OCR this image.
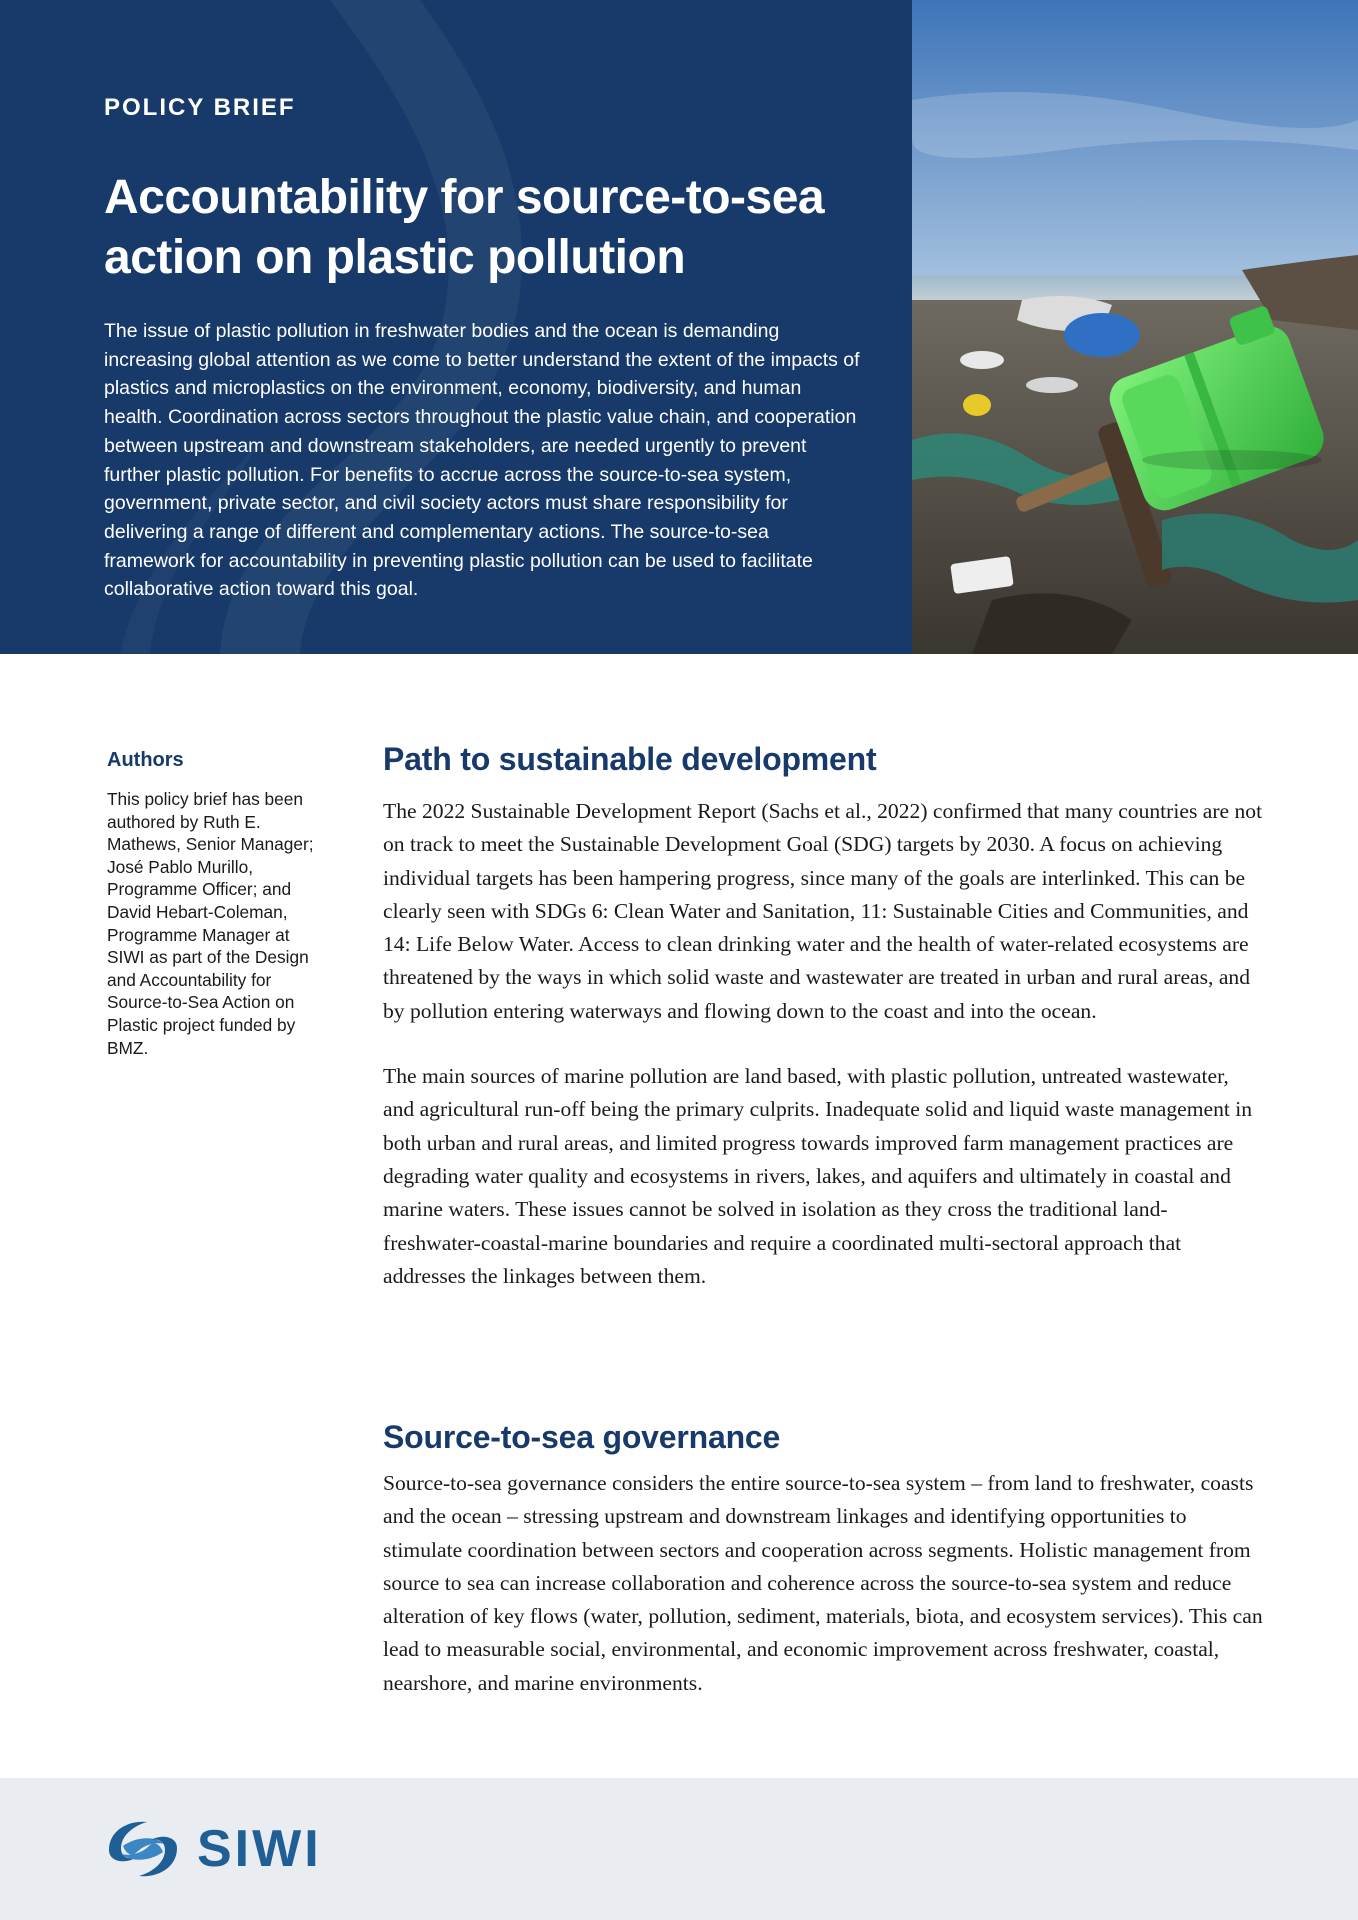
POLICY BRIEF
Accountability for source-to-sea action on plastic pollution

The issue of plastic pollution in freshwater bodies and the ocean is demanding increasing global attention as we come to better understand the extent of the impacts of plastics and microplastics on the environment, economy, biodiversity, and human health. Coordination across sectors throughout the plastic value chain, and cooperation between upstream and downstream stakeholders, are needed urgently to prevent further plastic pollution. For benefits to accrue across the source-to-sea system, government, private sector, and civil society actors must share responsibility for delivering a range of different and complementary actions. The source-to-sea framework for accountability in preventing plastic pollution can be used to facilitate collaborative action toward this goal.

Authors

This policy brief has been authored by Ruth E. Mathews, Senior Manager; José Pablo Murillo, Programme Officer; and David Hebart-Coleman, Programme Manager at SIWI as part of the Design and Accountability for Source-to-Sea Action on Plastic project funded by BMZ.

Path to sustainable development

The 2022 Sustainable Development Report (Sachs et al., 2022) confirmed that many countries are not on track to meet the Sustainable Development Goal (SDG) targets by 2030. A focus on achieving individual targets has been hampering progress, since many of the goals are interlinked. This can be clearly seen with SDGs 6: Clean Water and Sanitation, 11: Sustainable Cities and Communities, and 14: Life Below Water. Access to clean drinking water and the health of water-related ecosystems are threatened by the ways in which solid waste and wastewater are treated in urban and rural areas, and by pollution entering waterways and flowing down to the coast and into the ocean.

The main sources of marine pollution are land based, with plastic pollution, untreated wastewater, and agricultural run-off being the primary culprits. Inadequate solid and liquid waste management in both urban and rural areas, and limited progress towards improved farm management practices are degrading water quality and ecosystems in rivers, lakes, and aquifers and ultimately in coastal and marine waters. These issues cannot be solved in isolation as they cross the traditional land-freshwater-coastal-marine boundaries and require a coordinated multi-sectoral approach that addresses the linkages between them.

Source-to-sea governance

Source-to-sea governance considers the entire source-to-sea system – from land to freshwater, coasts and the ocean – stressing upstream and downstream linkages and identifying opportunities to stimulate coordination between sectors and cooperation across segments. Holistic management from source to sea can increase collaboration and coherence across the source-to-sea system and reduce alteration of key flows (water, pollution, sediment, materials, biota, and ecosystem services). This can lead to measurable social, environmental, and economic improvement across freshwater, coastal, nearshore, and marine environments.

SIWI
